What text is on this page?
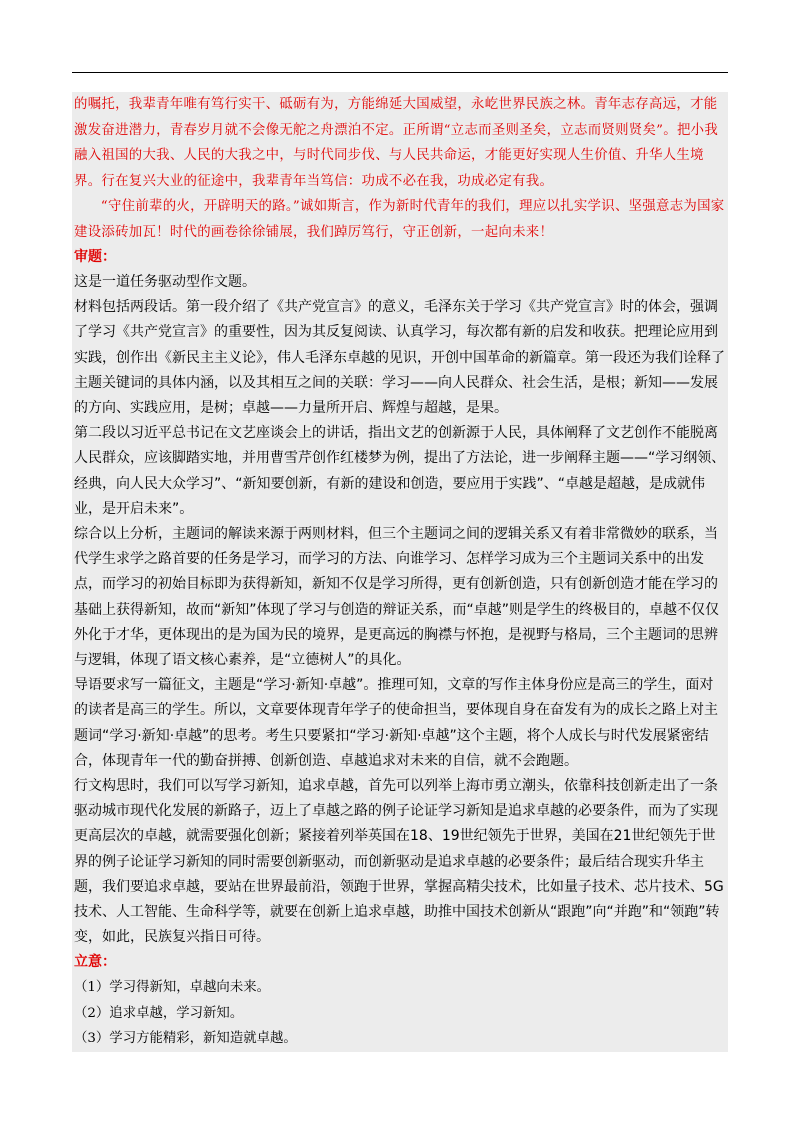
的嘱托，我辈青年唯有笃行实干、砥砺有为，方能绵延大国威望，永屹世界民族之林。青年志存高远，才能激发奋进潜力，青春岁月就不会像无舵之舟漂泊不定。正所谓“立志而圣则圣矣，立志而贤则贤矣”。把小我融入祖国的大我、人民的大我之中，与时代同步伐、与人民共命运，才能更好实现人生价值、升华人生境界。行在复兴大业的征途中，我辈青年当笃信：功成不必在我，功成必定有我。

“守住前辈的火，开辟明天的路。”诚如斯言，作为新时代青年的我们，理应以扎实学识、坚强意志为国家建设添砖加瓦！时代的画卷徐徐铺展，我们踔厉笃行，守正创新，一起向未来！

审题：

这是一道任务驱动型作文题。

材料包括两段话。第一段介绍了《共产党宣言》的意义，毛泽东关于学习《共产党宣言》时的体会，强调了学习《共产党宣言》的重要性，因为其反复阅读、认真学习，每次都有新的启发和收获。把理论应用到实践，创作出《新民主主义论》，伟人毛泽东卓越的见识，开创中国革命的新篇章。第一段还为我们诠释了主题关键词的具体内涵，以及其相互之间的关联：学习——向人民群众、社会生活，是根；新知——发展的方向、实践应用，是树；卓越——力量所开启、辉煌与超越，是果。

第二段以习近平总书记在文艺座谈会上的讲话，指出文艺的创新源于人民，具体阐释了文艺创作不能脱离人民群众，应该脚踏实地，并用曹雪芹创作红楼梦为例，提出了方法论，进一步阐释主题——“学习纲领、经典，向人民大众学习”、“新知要创新，有新的建设和创造，要应用于实践”、“卓越是超越，是成就伟业，是开启未来”。

综合以上分析，主题词的解读来源于两则材料，但三个主题词之间的逻辑关系又有着非常微妙的联系，当代学生求学之路首要的任务是学习，而学习的方法、向谁学习、怎样学习成为三个主题词关系中的出发点，而学习的初始目标即为获得新知，新知不仅是学习所得，更有创新创造，只有创新创造才能在学习的基础上获得新知，故而“新知”体现了学习与创造的辩证关系，而“卓越”则是学生的终极目的，卓越不仅仅外化于才华，更体现出的是为国为民的境界，是更高远的胸襟与怀抱，是视野与格局，三个主题词的思辨与逻辑，体现了语文核心素养，是“立德树人”的具化。

导语要求写一篇征文，主题是“学习·新知·卓越”。推理可知，文章的写作主体身份应是高三的学生，面对的读者是高三的学生。所以，文章要体现青年学子的使命担当，要体现自身在奋发有为的成长之路上对主题词“学习·新知·卓越”的思考。考生只要紧扣“学习·新知·卓越”这个主题，将个人成长与时代发展紧密结合，体现青年一代的勤奋拼搏、创新创造、卓越追求对未来的自信，就不会跑题。

行文构思时，我们可以写学习新知，追求卓越，首先可以列举上海市勇立潮头，依靠科技创新走出了一条驱动城市现代化发展的新路子，迈上了卓越之路的例子论证学习新知是追求卓越的必要条件，而为了实现更高层次的卓越，就需要强化创新；紧接着列举英国在18、19世纪领先于世界，美国在21世纪领先于世界的例子论证学习新知的同时需要创新驱动，而创新驱动是追求卓越的必要条件；最后结合现实升华主题，我们要追求卓越，要站在世界最前沿，领跑于世界，掌握高精尖技术，比如量子技术、芯片技术、5G技术、人工智能、生命科学等，就要在创新上追求卓越，助推中国技术创新从“跟跑”向“并跑”和“领跑”转变，如此，民族复兴指日可待。

立意：

（1）学习得新知，卓越向未来。

（2）追求卓越，学习新知。

（3）学习方能精彩，新知造就卓越。
